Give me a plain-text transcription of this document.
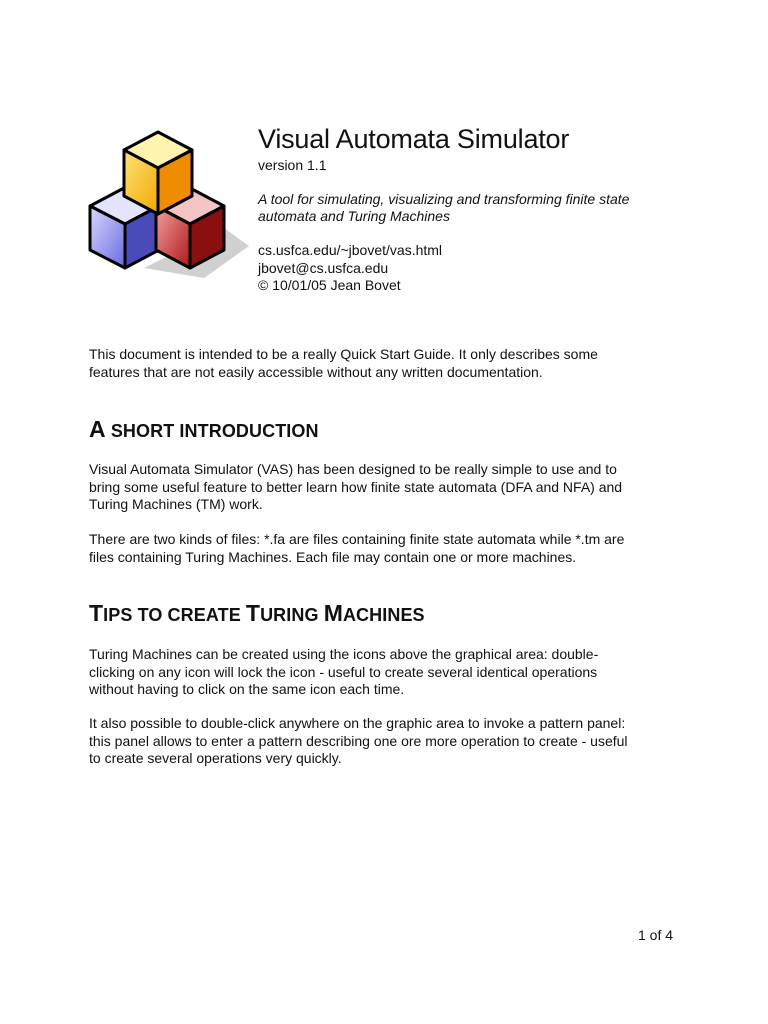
Visual Automata Simulator
version 1.1
A tool for simulating, visualizing and transforming finite state
automata and Turing Machines
cs.usfca.edu/~jbovet/vas.html
jbovet@cs.usfca.edu
© 10/01/05 Jean Bovet
This document is intended to be a really Quick Start Guide. It only describes some
features that are not easily accessible without any written documentation.
A SHORT INTRODUCTION
Visual Automata Simulator (VAS) has been designed to be really simple to use and to
bring some useful feature to better learn how finite state automata (DFA and NFA) and
Turing Machines (TM) work.
There are two kinds of files: *.fa are files containing finite state automata while *.tm are
files containing Turing Machines. Each file may contain one or more machines.
TIPS TO CREATE TURING MACHINES
Turing Machines can be created using the icons above the graphical area: double-
clicking on any icon will lock the icon - useful to create several identical operations
without having to click on the same icon each time.
It also possible to double-click anywhere on the graphic area to invoke a pattern panel:
this panel allows to enter a pattern describing one ore more operation to create - useful
to create several operations very quickly.
1 of 4
